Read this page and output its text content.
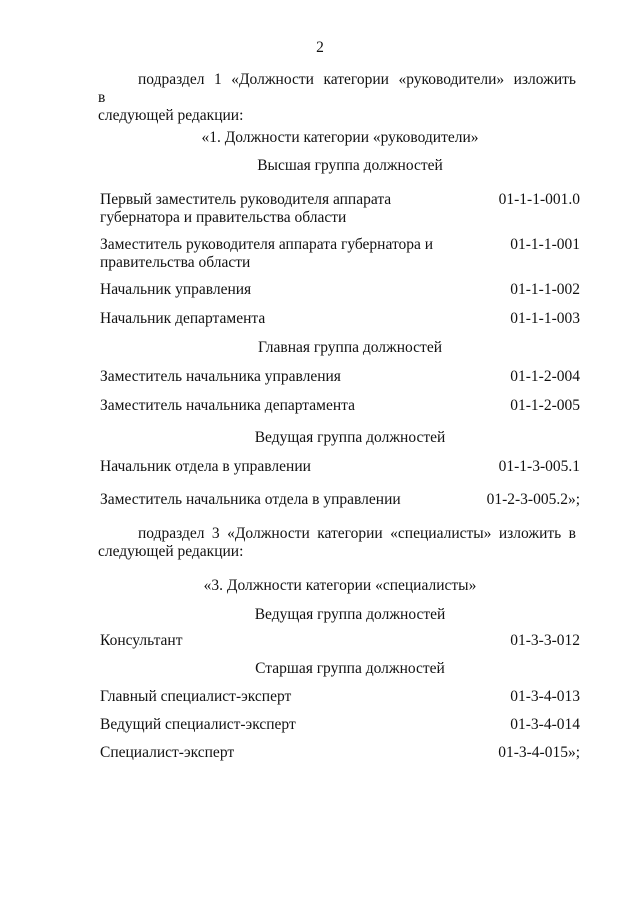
2
подраздел 1 «Должности категории «руководители» изложить в
следующей редакции:
«1. Должности категории «руководители»
Высшая группа должностей
Первый заместитель руководителя аппарата губернатора и правительства области
01-1-1-001.0
Заместитель руководителя аппарата губернатора и правительства области
01-1-1-001
Начальник управления	01-1-1-002
Начальник департамента	01-1-1-003
Главная группа должностей
Заместитель начальника управления	01-1-2-004
Заместитель начальника департамента	01-1-2-005
Ведущая группа должностей
Начальник отдела в управлении	01-1-3-005.1
Заместитель начальника отдела в управлении	01-2-3-005.2»;
подраздел 3 «Должности категории «специалисты» изложить в
следующей редакции:
«3. Должности категории «специалисты»
Ведущая группа должностей
Консультант	01-3-3-012
Старшая группа должностей
Главный специалист-эксперт	01-3-4-013
Ведущий специалист-эксперт	01-3-4-014
Специалист-эксперт	01-3-4-015»;
